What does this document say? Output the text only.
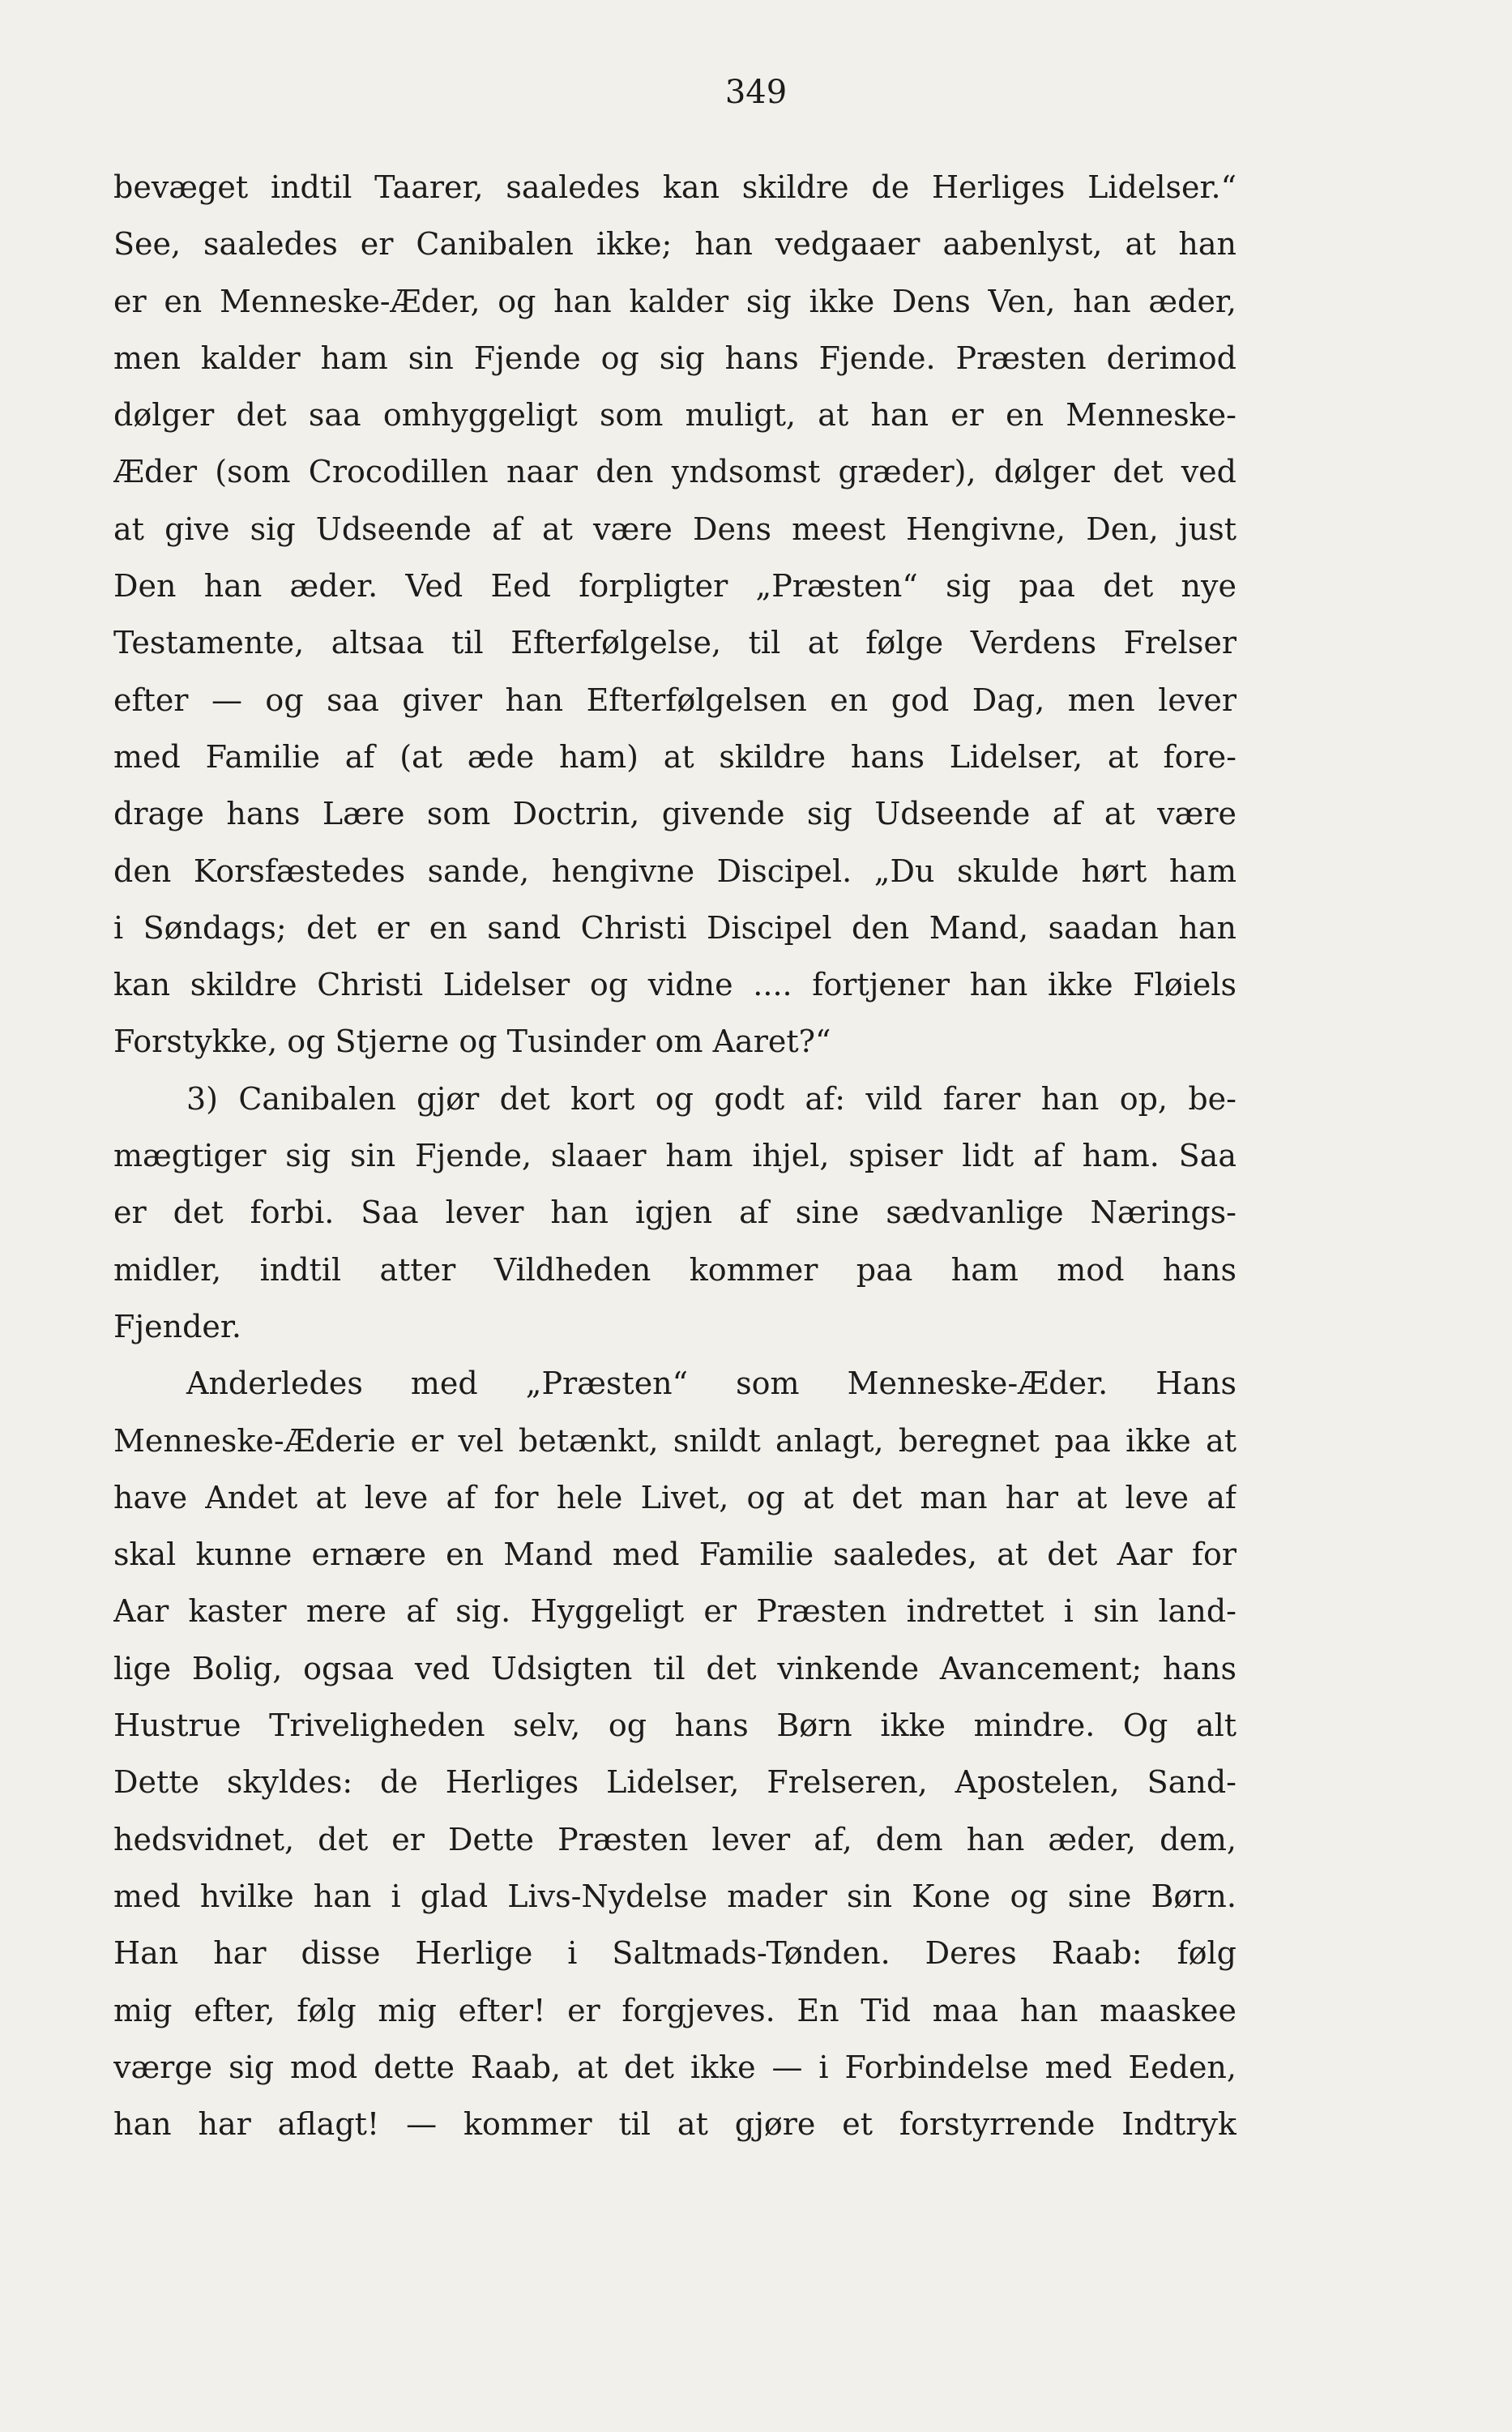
349
bevæget indtil Taarer, saaledes kan skildre de Herliges Lidelser.“
See, saaledes er Canibalen ikke; han vedgaaer aabenlyst, at han
er en Menneske-Æder, og han kalder sig ikke Dens Ven, han æder,
men kalder ham sin Fjende og sig hans Fjende. Præsten derimod
dølger det saa omhyggeligt som muligt, at han er en Menneske-
Æder (som Crocodillen naar den yndsomst græder), dølger det ved
at give sig Udseende af at være Dens meest Hengivne, Den, just
Den han æder. Ved Eed forpligter „Præsten“ sig paa det nye
Testamente, altsaa til Efterfølgelse, til at følge Verdens Frelser
efter — og saa giver han Efterfølgelsen en god Dag, men lever
med Familie af (at æde ham) at skildre hans Lidelser, at fore-
drage hans Lære som Doctrin, givende sig Udseende af at være
den Korsfæstedes sande, hengivne Discipel. „Du skulde hørt ham
i Søndags; det er en sand Christi Discipel den Mand, saadan han
kan skildre Christi Lidelser og vidne .... fortjener han ikke Fløiels
Forstykke, og Stjerne og Tusinder om Aaret?“
3) Canibalen gjør det kort og godt af: vild farer han op, be-
mægtiger sig sin Fjende, slaaer ham ihjel, spiser lidt af ham. Saa
er det forbi. Saa lever han igjen af sine sædvanlige Nærings-
midler, indtil atter Vildheden kommer paa ham mod hans
Fjender.
Anderledes med „Præsten“ som Menneske-Æder. Hans
Menneske-Æderie er vel betænkt, snildt anlagt, beregnet paa ikke at
have Andet at leve af for hele Livet, og at det man har at leve af
skal kunne ernære en Mand med Familie saaledes, at det Aar for
Aar kaster mere af sig. Hyggeligt er Præsten indrettet i sin land-
lige Bolig, ogsaa ved Udsigten til det vinkende Avancement; hans
Hustrue Triveligheden selv, og hans Børn ikke mindre. Og alt
Dette skyldes: de Herliges Lidelser, Frelseren, Apostelen, Sand-
hedsvidnet, det er Dette Præsten lever af, dem han æder, dem,
med hvilke han i glad Livs-Nydelse mader sin Kone og sine Børn.
Han har disse Herlige i Saltmads-Tønden. Deres Raab: følg
mig efter, følg mig efter! er forgjeves. En Tid maa han maaskee
værge sig mod dette Raab, at det ikke — i Forbindelse med Eeden,
han har aflagt! — kommer til at gjøre et forstyrrende Indtryk
